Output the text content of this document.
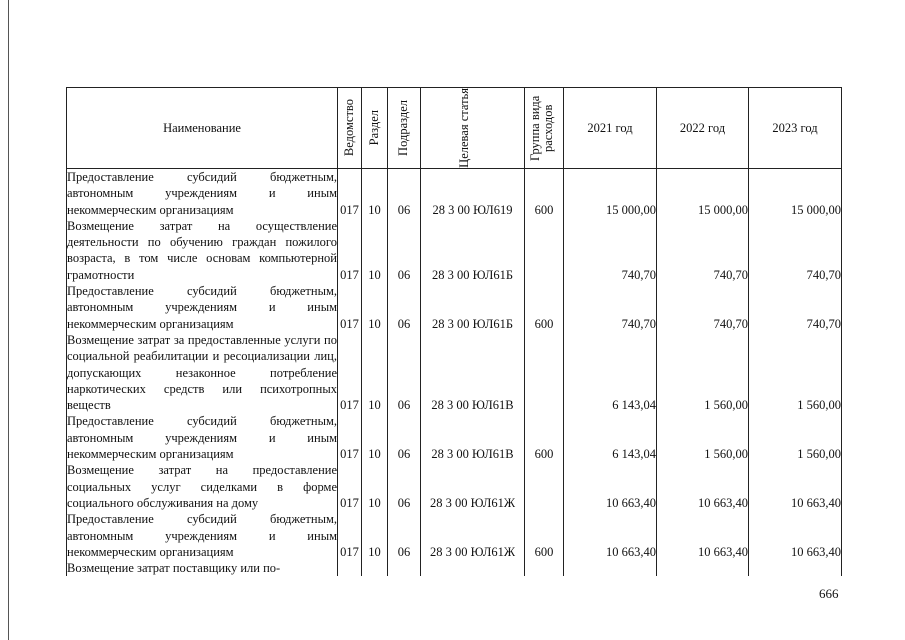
Наименование	Ведомство	Раздел	Подраздел	Целевая статья	Группа вида расходов	2021 год	2022 год	2023 год
Предоставление субсидий бюджетным, автономным учреждениям и иным некоммерческим организациям	017	10	06	28 3 00 ЮЛ619	600	15 000,00	15 000,00	15 000,00
Возмещение затрат на осуществление деятельности по обучению граждан пожилого возраста, в том числе основам компьютерной грамотности	017	10	06	28 3 00 ЮЛ61Б		740,70	740,70	740,70
Предоставление субсидий бюджетным, автономным учреждениям и иным некоммерческим организациям	017	10	06	28 3 00 ЮЛ61Б	600	740,70	740,70	740,70
Возмещение затрат за предоставленные услуги по социальной реабилитации и ресоциализации лиц, допускающих незаконное потребление наркотических средств или психотропных веществ	017	10	06	28 3 00 ЮЛ61В		6 143,04	1 560,00	1 560,00
Предоставление субсидий бюджетным, автономным учреждениям и иным некоммерческим организациям	017	10	06	28 3 00 ЮЛ61В	600	6 143,04	1 560,00	1 560,00
Возмещение затрат на предоставление социальных услуг сиделками в форме социального обслуживания на дому	017	10	06	28 3 00 ЮЛ61Ж		10 663,40	10 663,40	10 663,40
Предоставление субсидий бюджетным, автономным учреждениям и иным некоммерческим организациям	017	10	06	28 3 00 ЮЛ61Ж	600	10 663,40	10 663,40	10 663,40
Возмещение затрат поставщику или по-								
666
